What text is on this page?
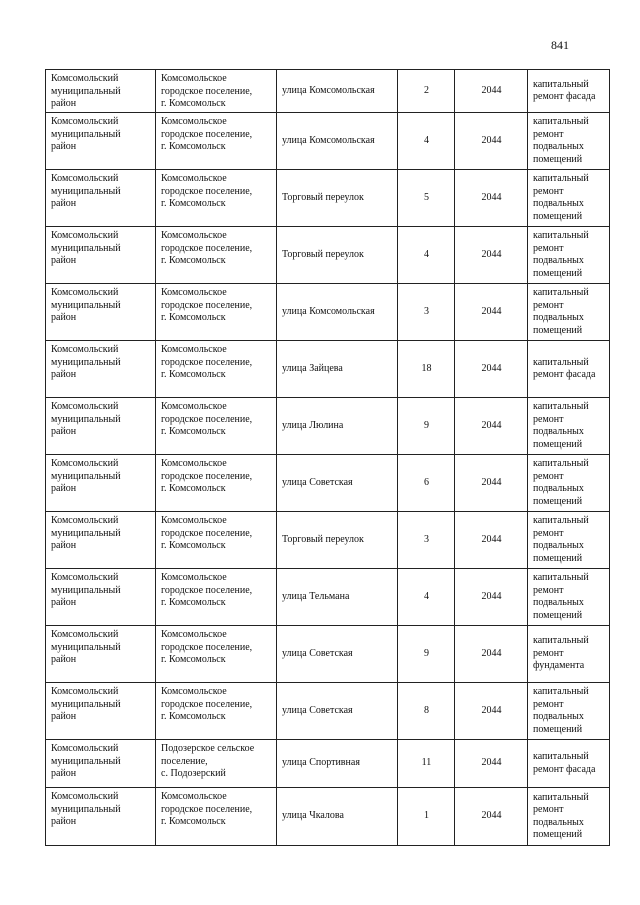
841
Комсомольский
муниципальный
район	Комсомольское
городское поселение,
г. Комсомольск	улица Комсомольская	2	2044	капитальный
ремонт фасада

Комсомольский
муниципальный
район	Комсомольское
городское поселение,
г. Комсомольск	улица Комсомольская	4	2044	капитальный
ремонт
подвальных
помещений

Комсомольский
муниципальный
район	Комсомольское
городское поселение,
г. Комсомольск	Торговый переулок	5	2044	капитальный
ремонт
подвальных
помещений

Комсомольский
муниципальный
район	Комсомольское
городское поселение,
г. Комсомольск	Торговый переулок	4	2044	капитальный
ремонт
подвальных
помещений

Комсомольский
муниципальный
район	Комсомольское
городское поселение,
г. Комсомольск	улица Комсомольская	3	2044	капитальный
ремонт
подвальных
помещений

Комсомольский
муниципальный
район	Комсомольское
городское поселение,
г. Комсомольск	улица Зайцева	18	2044	капитальный
ремонт фасада

Комсомольский
муниципальный
район	Комсомольское
городское поселение,
г. Комсомольск	улица Люлина	9	2044	капитальный
ремонт
подвальных
помещений

Комсомольский
муниципальный
район	Комсомольское
городское поселение,
г. Комсомольск	улица Советская	6	2044	капитальный
ремонт
подвальных
помещений

Комсомольский
муниципальный
район	Комсомольское
городское поселение,
г. Комсомольск	Торговый переулок	3	2044	капитальный
ремонт
подвальных
помещений

Комсомольский
муниципальный
район	Комсомольское
городское поселение,
г. Комсомольск	улица Тельмана	4	2044	капитальный
ремонт
подвальных
помещений

Комсомольский
муниципальный
район	Комсомольское
городское поселение,
г. Комсомольск	улица Советская	9	2044	капитальный
ремонт
фундамента

Комсомольский
муниципальный
район	Комсомольское
городское поселение,
г. Комсомольск	улица Советская	8	2044	капитальный
ремонт
подвальных
помещений

Комсомольский
муниципальный
район	Подозерское сельское
поселение,
с. Подозерский	улица Спортивная	11	2044	капитальный
ремонт фасада

Комсомольский
муниципальный
район	Комсомольское
городское поселение,
г. Комсомольск	улица Чкалова	1	2044	капитальный
ремонт
подвальных
помещений
